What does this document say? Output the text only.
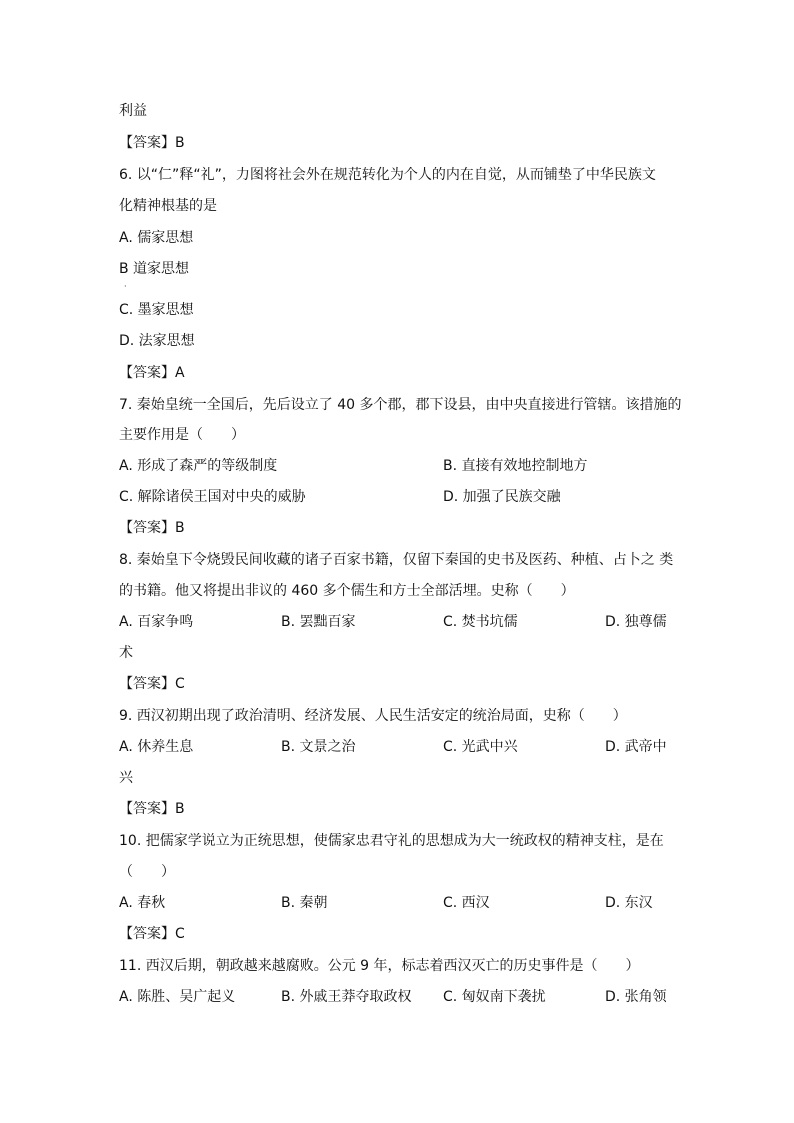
利益
【答案】B
6. 以“仁”释“礼”，力图将社会外在规范转化为个人的内在自觉，从而铺垫了中华民族文
化精神根基的是
A. 儒家思想
B 道家思想
·
C. 墨家思想
D. 法家思想
【答案】A
7. 秦始皇统一全国后，先后设立了 40 多个郡，郡下设县，由中央直接进行管辖。该措施的
主要作用是（　　）
A. 形成了森严的等级制度	B. 直接有效地控制地方
C. 解除诸侯王国对中央的威胁	D. 加强了民族交融
【答案】B
8. 秦始皇下令烧毁民间收藏的诸子百家书籍，仅留下秦国的史书及医药、种植、占卜之 类
的书籍。他又将提出非议的 460 多个儒生和方士全部活埋。史称（　　）
A. 百家争鸣	B. 罢黜百家	C. 焚书坑儒	D. 独尊儒
术
【答案】C
9. 西汉初期出现了政治清明、经济发展、人民生活安定的统治局面，史称（　　）
A. 休养生息	B. 文景之治	C. 光武中兴	D. 武帝中
兴
【答案】B
10. 把儒家学说立为正统思想，使儒家忠君守礼的思想成为大一统政权的精神支柱，是在
（　　）
A. 春秋	B. 秦朝	C. 西汉	D. 东汉
【答案】C
11. 西汉后期，朝政越来越腐败。公元 9 年，标志着西汉灭亡的历史事件是（　　）
A. 陈胜、吴广起义	B. 外戚王莽夺取政权 C. 匈奴南下袭扰	D. 张角领
